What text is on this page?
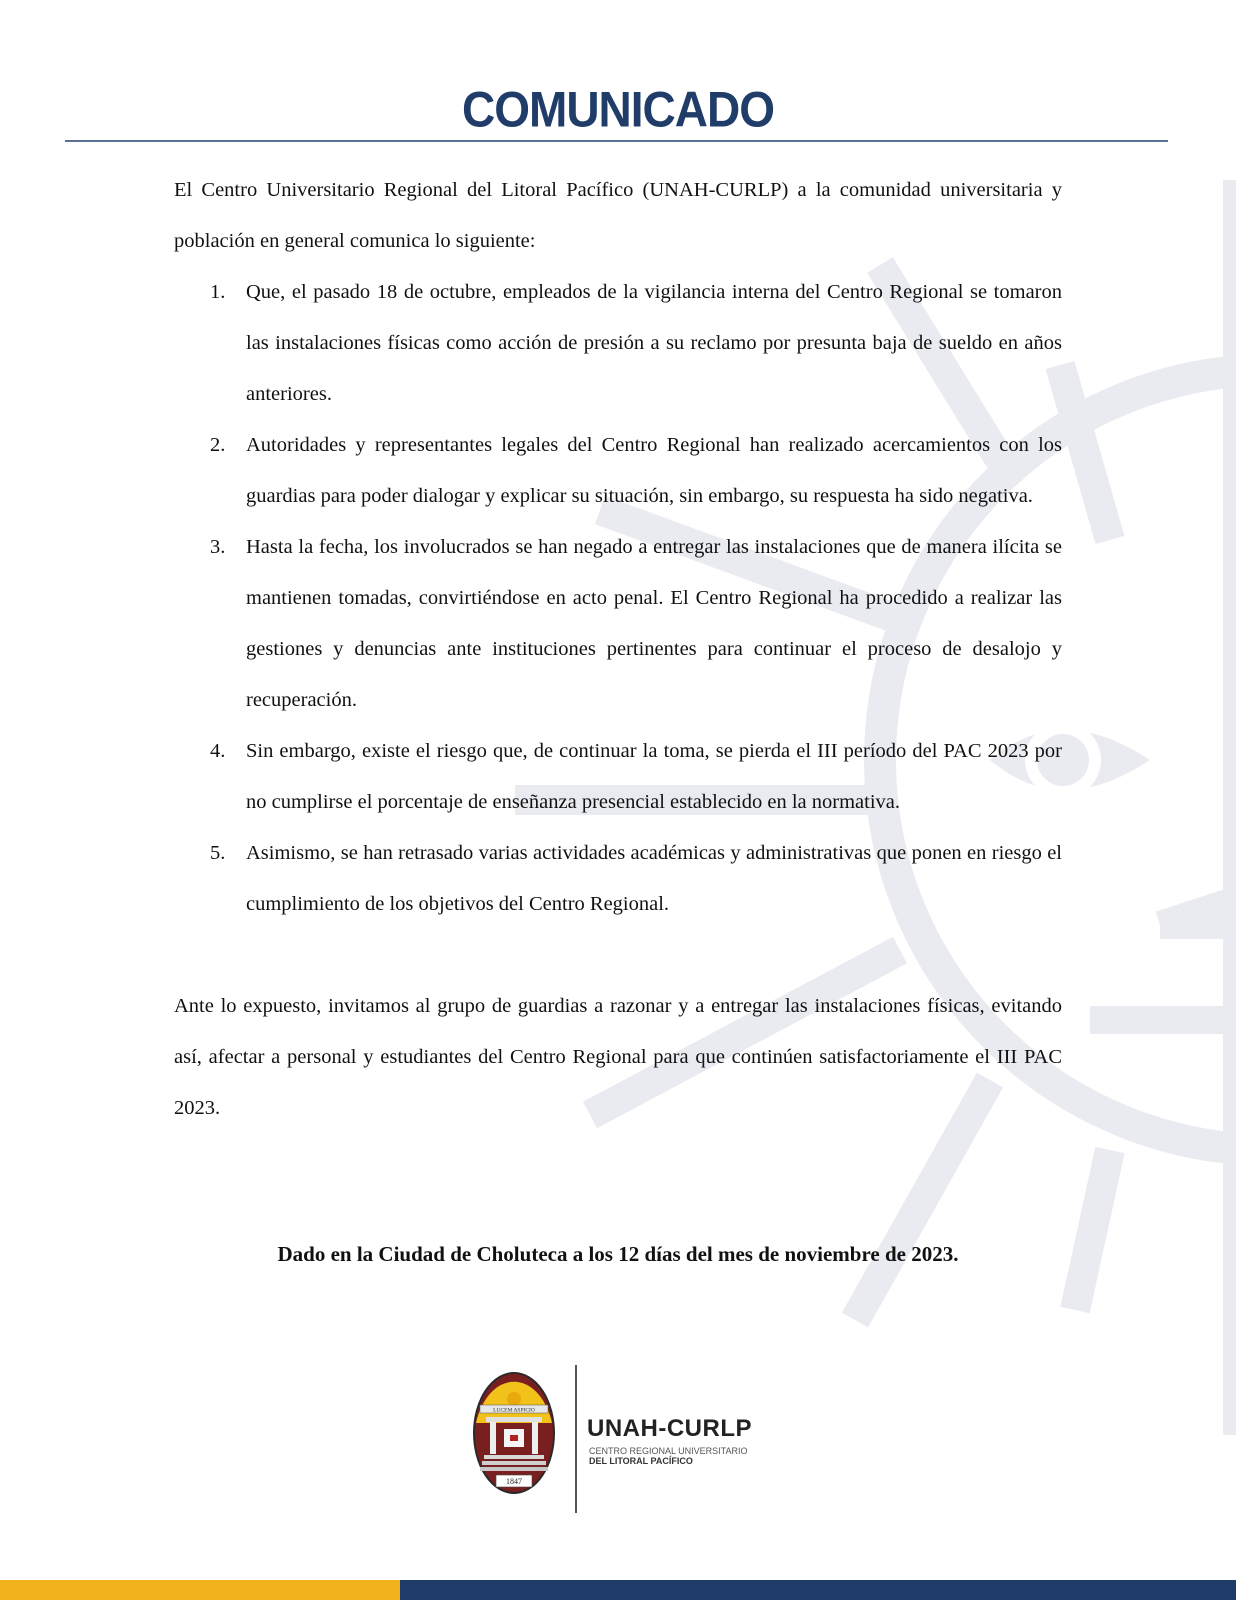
COMUNICADO

El Centro Universitario Regional del Litoral Pacífico (UNAH-CURLP) a la comunidad universitaria y población en general comunica lo siguiente:

1. Que, el pasado 18 de octubre, empleados de la vigilancia interna del Centro Regional se tomaron las instalaciones físicas como acción de presión a su reclamo por presunta baja de sueldo en años anteriores.
2. Autoridades y representantes legales del Centro Regional han realizado acercamientos con los guardias para poder dialogar y explicar su situación, sin embargo, su respuesta ha sido negativa.
3. Hasta la fecha, los involucrados se han negado a entregar las instalaciones que de manera ilícita se mantienen tomadas, convirtiéndose en acto penal. El Centro Regional ha procedido a realizar las gestiones y denuncias ante instituciones pertinentes para continuar el proceso de desalojo y recuperación.
4. Sin embargo, existe el riesgo que, de continuar la toma, se pierda el III período del PAC 2023 por no cumplirse el porcentaje de enseñanza presencial establecido en la normativa.
5. Asimismo, se han retrasado varias actividades académicas y administrativas que ponen en riesgo el cumplimiento de los objetivos del Centro Regional.

Ante lo expuesto, invitamos al grupo de guardias a razonar y a entregar las instalaciones físicas, evitando así, afectar a personal y estudiantes del Centro Regional para que continúen satisfactoriamente el III PAC 2023.

Dado en la Ciudad de Choluteca a los 12 días del mes de noviembre de 2023.
LUCEM ASPICIO
1847
UNAH-CURLP
CENTRO REGIONAL UNIVERSITARIO
DEL LITORAL PACÍFICO
